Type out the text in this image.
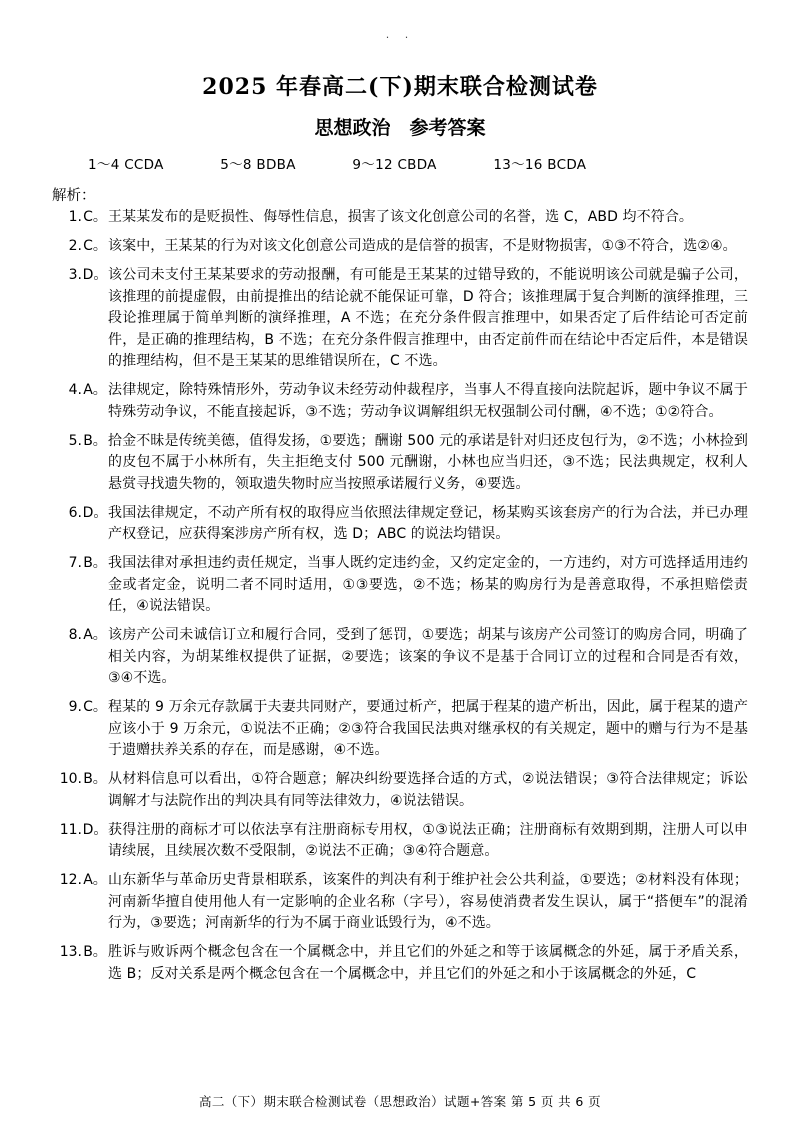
. .
2025 年春高二(下)期末联合检测试卷
思想政治　参考答案
1～4 CCDA	5～8 BDBA	9～12 CBDA	13～16 BCDA
解析：
1. C。 王某某发布的是贬损性、侮辱性信息，损害了该文化创意公司的名誉，选 C，ABD 均不符合。
2. C。 该案中，王某某的行为对该文化创意公司造成的是信誉的损害，不是财物损害，①③不符合，选②④。
3. D。 该公司未支付王某某要求的劳动报酬，有可能是王某某的过错导致的，不能说明该公司就是骗子公司，该推理的前提虚假，由前提推出的结论就不能保证可靠，D 符合；该推理属于复合判断的演绎推理，三段论推理属于简单判断的演绎推理，A 不选；在充分条件假言推理中，如果否定了后件结论可否定前件，是正确的推理结构，B 不选；在充分条件假言推理中，由否定前件而在结论中否定后件，本是错误的推理结构，但不是王某某的思维错误所在，C 不选。
4. A。 法律规定，除特殊情形外，劳动争议未经劳动仲裁程序，当事人不得直接向法院起诉，题中争议不属于特殊劳动争议，不能直接起诉，③不选；劳动争议调解组织无权强制公司付酬，④不选；①②符合。
5. B。 拾金不昧是传统美德，值得发扬，①要选；酬谢 500 元的承诺是针对归还皮包行为，②不选；小林捡到的皮包不属于小林所有，失主拒绝支付 500 元酬谢，小林也应当归还，③不选；民法典规定，权利人悬赏寻找遗失物的，领取遗失物时应当按照承诺履行义务，④要选。
6. D。 我国法律规定，不动产所有权的取得应当依照法律规定登记，杨某购买该套房产的行为合法，并已办理产权登记，应获得案涉房产所有权，选 D；ABC 的说法均错误。
7. B。 我国法律对承担违约责任规定，当事人既约定违约金，又约定定金的，一方违约，对方可选择适用违约金或者定金，说明二者不同时适用，①③要选，②不选；杨某的购房行为是善意取得，不承担赔偿责任，④说法错误。
8. A。 该房产公司未诚信订立和履行合同，受到了惩罚，①要选；胡某与该房产公司签订的购房合同，明确了相关内容，为胡某维权提供了证据，②要选；该案的争议不是基于合同订立的过程和合同是否有效，③④不选。
9. C。 程某的 9 万余元存款属于夫妻共同财产，要通过析产，把属于程某的遗产析出，因此，属于程某的遗产应该小于 9 万余元，①说法不正确；②③符合我国民法典对继承权的有关规定，题中的赠与行为不是基于遗赠扶养关系的存在，而是感谢，④不选。
10. B。 从材料信息可以看出，①符合题意；解决纠纷要选择合适的方式，②说法错误；③符合法律规定；诉讼调解才与法院作出的判决具有同等法律效力，④说法错误。
11. D。 获得注册的商标才可以依法享有注册商标专用权，①③说法正确；注册商标有效期到期，注册人可以申请续展，且续展次数不受限制，②说法不正确；③④符合题意。
12. A。 山东新华与革命历史背景相联系，该案件的判决有利于维护社会公共利益，①要选；②材料没有体现；河南新华擅自使用他人有一定影响的企业名称（字号），容易使消费者发生误认，属于“搭便车”的混淆行为，③要选；河南新华的行为不属于商业诋毁行为，④不选。
13. B。 胜诉与败诉两个概念包含在一个属概念中，并且它们的外延之和等于该属概念的外延，属于矛盾关系，选 B；反对关系是两个概念包含在一个属概念中，并且它们的外延之和小于该属概念的外延，C
高二（下）期末联合检测试卷（思想政治）试题+答案 第 5 页 共 6 页
